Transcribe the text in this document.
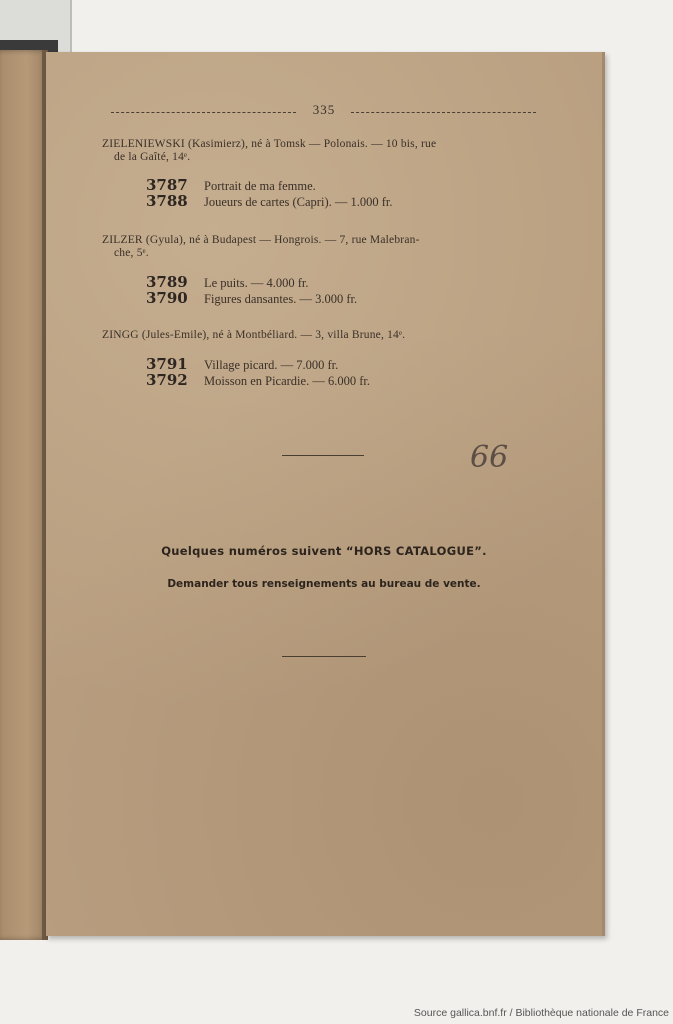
335
ZIELENIEWSKI (Kasimierz), né à Tomsk — Polonais. — 10 bis, rue
de la Gaîté, 14ᵉ.
3787 Portrait de ma femme.
3788 Joueurs de cartes (Capri). — 1.000 fr.
ZILZER (Gyula), né à Budapest — Hongrois. — 7, rue Malebran-
che, 5ᵉ.
3789 Le puits. — 4.000 fr.
3790 Figures dansantes. — 3.000 fr.
ZINGG (Jules-Emile), né à Montbéliard. — 3, villa Brune, 14ᵉ.
3791 Village picard. — 7.000 fr.
3792 Moisson en Picardie. — 6.000 fr.
66
Quelques numéros suivent “HORS CATALOGUE”.
Demander tous renseignements au bureau de vente.
Source gallica.bnf.fr / Bibliothèque nationale de France
